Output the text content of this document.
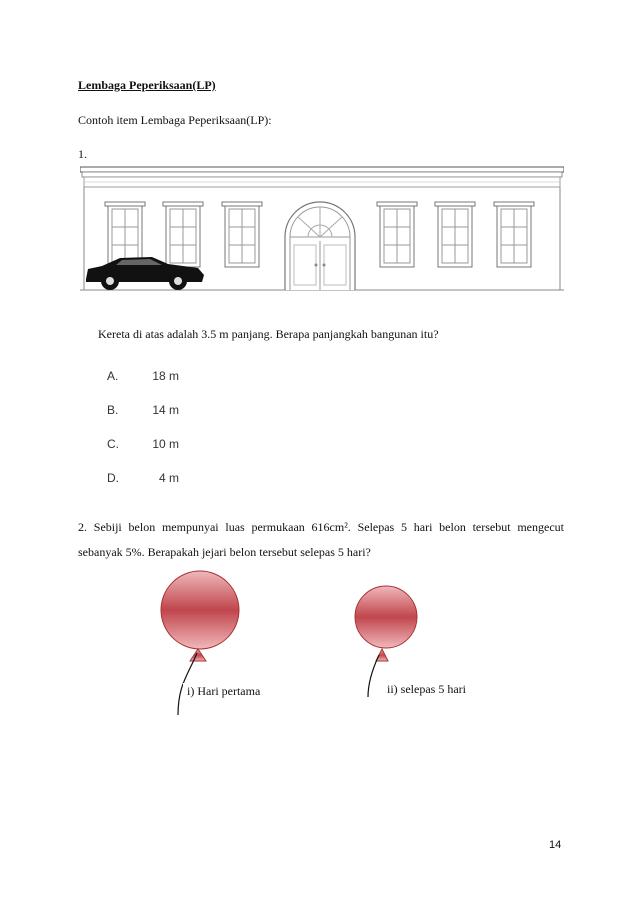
Lembaga Peperiksaan(LP)
Contoh item Lembaga Peperiksaan(LP):
1.
Kereta di atas adalah 3.5 m panjang. Berapa panjangkah bangunan itu?
A.	18 m
B.	14 m
C.	10 m
D.	4 m
2. Sebiji belon mempunyai luas permukaan 616cm². Selepas 5 hari belon tersebut mengecut sebanyak 5%. Berapakah jejari belon tersebut selepas 5 hari?
i) Hari pertama	ii) selepas 5 hari
14
